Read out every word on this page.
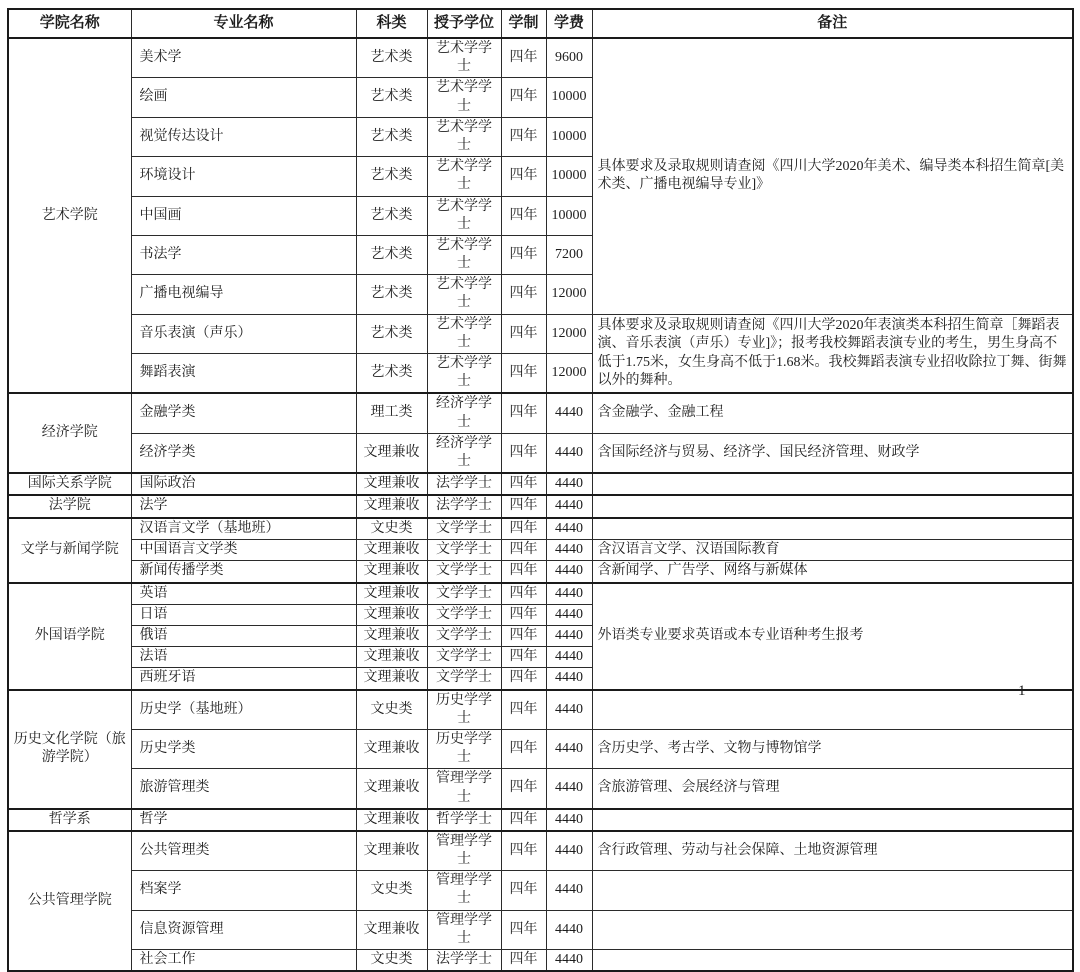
学院名称	专业名称	科类	授予学位	学制	学费	备注
艺术学院	美术学	艺术类	艺术学学士	四年	9600	具体要求及录取规则请查阅《四川大学2020年美术、编导类本科招生简章[美术类、广播电视编导专业]》
	绘画	艺术类	艺术学学士	四年	10000	
	视觉传达设计	艺术类	艺术学学士	四年	10000	
	环境设计	艺术类	艺术学学士	四年	10000	
	中国画	艺术类	艺术学学士	四年	10000	
	书法学	艺术类	艺术学学士	四年	7200	
	广播电视编导	艺术类	艺术学学士	四年	12000	
	音乐表演（声乐）	艺术类	艺术学学士	四年	12000	具体要求及录取规则请查阅《四川大学2020年表演类本科招生简章［舞蹈表演、音乐表演（声乐）专业]》；报考我校舞蹈表演专业的考生，男生身高不低于1.75米，女生身高不低于1.68米。我校舞蹈表演专业招收除拉丁舞、街舞以外的舞种。
	舞蹈表演	艺术类	艺术学学士	四年	12000	
经济学院	金融学类	理工类	经济学学士	四年	4440	含金融学、金融工程
	经济学类	文理兼收	经济学学士	四年	4440	含国际经济与贸易、经济学、国民经济管理、财政学
国际关系学院	国际政治	文理兼收	法学学士	四年	4440	
法学院	法学	文理兼收	法学学士	四年	4440	
文学与新闻学院	汉语言文学（基地班）	文史类	文学学士	四年	4440	
	中国语言文学类	文理兼收	文学学士	四年	4440	含汉语言文学、汉语国际教育
	新闻传播学类	文理兼收	文学学士	四年	4440	含新闻学、广告学、网络与新媒体
外国语学院	英语	文理兼收	文学学士	四年	4440	外语类专业要求英语或本专业语种考生报考
	日语	文理兼收	文学学士	四年	4440	
	俄语	文理兼收	文学学士	四年	4440	
	法语	文理兼收	文学学士	四年	4440	
	西班牙语	文理兼收	文学学士	四年	4440	
历史文化学院（旅游学院）	历史学（基地班）	文史类	历史学学士	四年	4440	
	历史学类	文理兼收	历史学学士	四年	4440	含历史学、考古学、文物与博物馆学
	旅游管理类	文理兼收	管理学学士	四年	4440	含旅游管理、会展经济与管理
哲学系	哲学	文理兼收	哲学学士	四年	4440	
公共管理学院	公共管理类	文理兼收	管理学学士	四年	4440	含行政管理、劳动与社会保障、土地资源管理
	档案学	文史类	管理学学士	四年	4440	
	信息资源管理	文理兼收	管理学学士	四年	4440	
	社会工作	文史类	法学学士	四年	4440	
1
